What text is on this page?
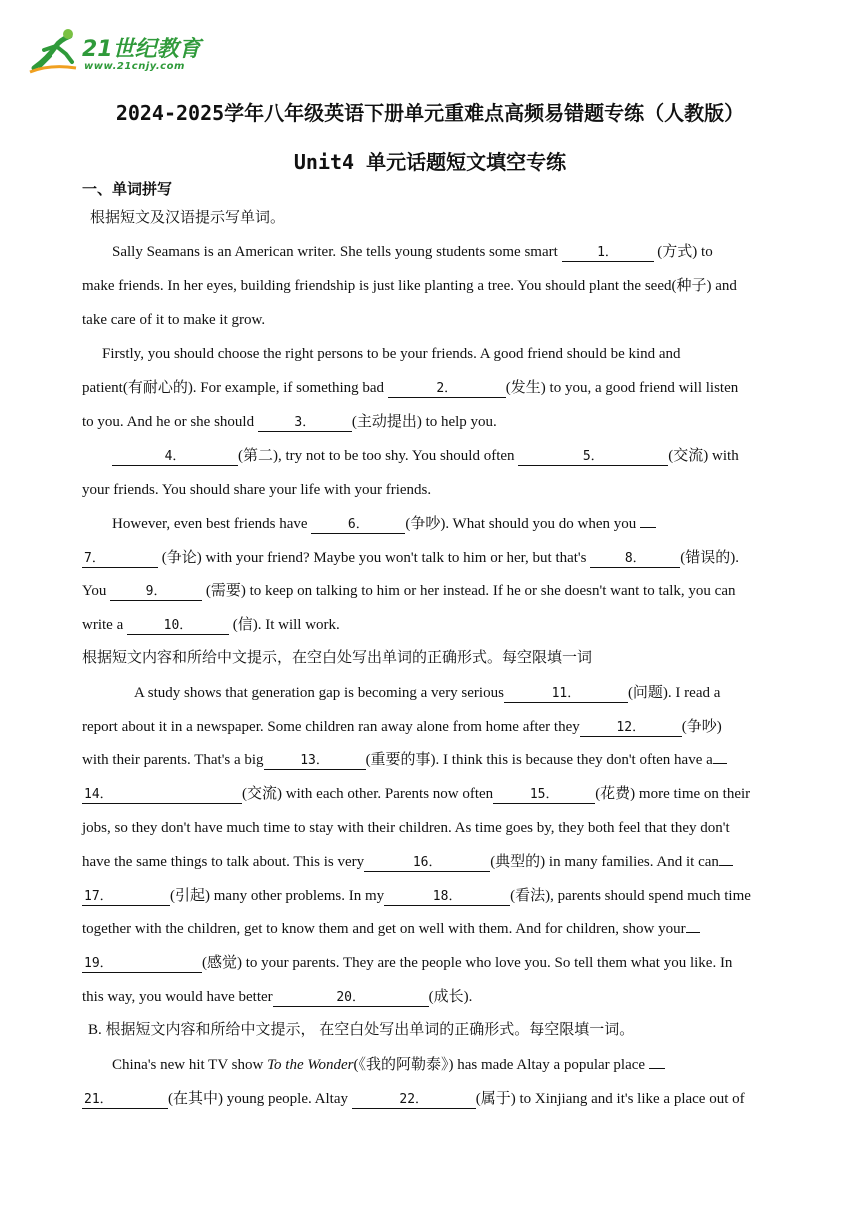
21世纪教育
www.21cnjy.com
2024-2025学年八年级英语下册单元重难点高频易错题专练（人教版）
Unit4 单元话题短文填空专练
一、单词拼写
根据短文及汉语提示写单词。
Sally Seamans is an American writer. She tells young students some smart	1． (方式) to
make friends. In her eyes, building friendship is just like planting a tree. You should plant the seed(种子) and
take care of it to make it grow.
Firstly, you should choose the right persons to be your friends. A good friend should be kind and
patient(有耐心的). For example, if something bad	2．	(发生) to you, a good friend will listen
to you. And he or she should	3． (主动提出) to help you.
4．	(第二), try not to be too shy. You should often	5．	(交流) with
your friends. You should share your life with your friends.
However, even best friends have	6． (争吵). What should you do when you
7．	(争论) with your friend? Maybe you won't talk to him or her, but that's	8． (错误的).
You	9． (需要) to keep on talking to him or her instead. If he or she doesn't want to talk, you can
write a	10． (信). It will work.
根据短文内容和所给中文提示，在空白处写出单词的正确形式。每空限填一词
A study shows that generation gap is becoming a very serious	11．	(问题). I read a
report about it in a newspaper. Some children ran away alone from home after they	12． (争吵)
with their parents. That's a big	13． (重要的事). I think this is because they don't often have a
14．	(交流) with each other. Parents now often	15． (花费) more time on their
jobs, so they don't have much time to stay with their children. As time goes by, they both feel that they don't
have the same things to talk about. This is very	16．	(典型的) in many families. And it can
17．	(引起) many other problems. In my	18．	(看法), parents should spend much time
together with the children, get to know them and get on well with them. And for children, show your
19．	(感觉) to your parents. They are the people who love you. So tell them what you like. In
this way, you would have better	20．	(成长).
B. 根据短文内容和所给中文提示， 在空白处写出单词的正确形式。每空限填一词。
China's new hit TV show To the Wonder(《我的阿勒泰》) has made Altay a popular place
21．	(在其中) young people. Altay	22．	(属于) to Xinjiang and it's like a place out of
